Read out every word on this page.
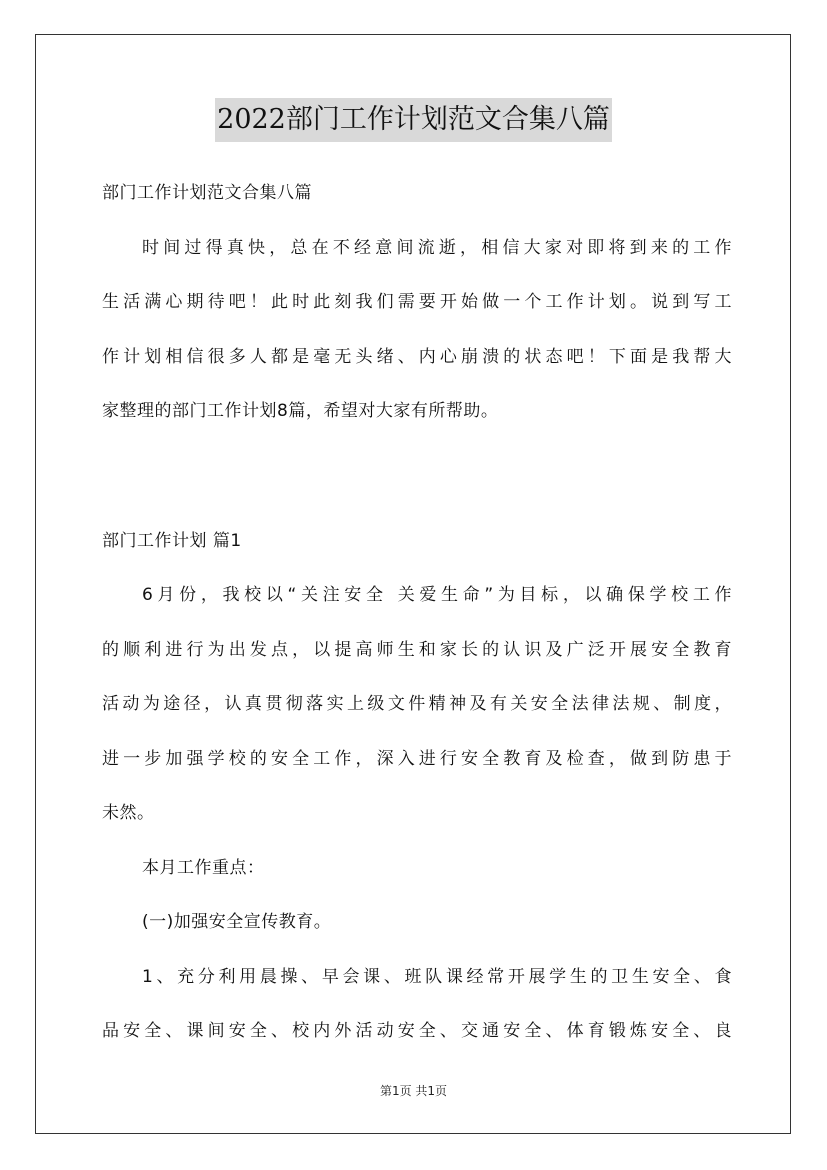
2022部门工作计划范文合集八篇

部门工作计划范文合集八篇

时间过得真快，总在不经意间流逝，相信大家对即将到来的工作

生活满心期待吧！此时此刻我们需要开始做一个工作计划。说到写工

作计划相信很多人都是毫无头绪、内心崩溃的状态吧！下面是我帮大

家整理的部门工作计划8篇，希望对大家有所帮助。

部门工作计划 篇1

6月份，我校以“关注安全 关爱生命”为目标，以确保学校工作

的顺利进行为出发点，以提高师生和家长的认识及广泛开展安全教育

活动为途径，认真贯彻落实上级文件精神及有关安全法律法规、制度，

进一步加强学校的安全工作，深入进行安全教育及检查，做到防患于

未然。

本月工作重点：

(一)加强安全宣传教育。

1、充分利用晨操、早会课、班队课经常开展学生的卫生安全、食

品安全、课间安全、校内外活动安全、交通安全、体育锻炼安全、良

第1页 共1页
